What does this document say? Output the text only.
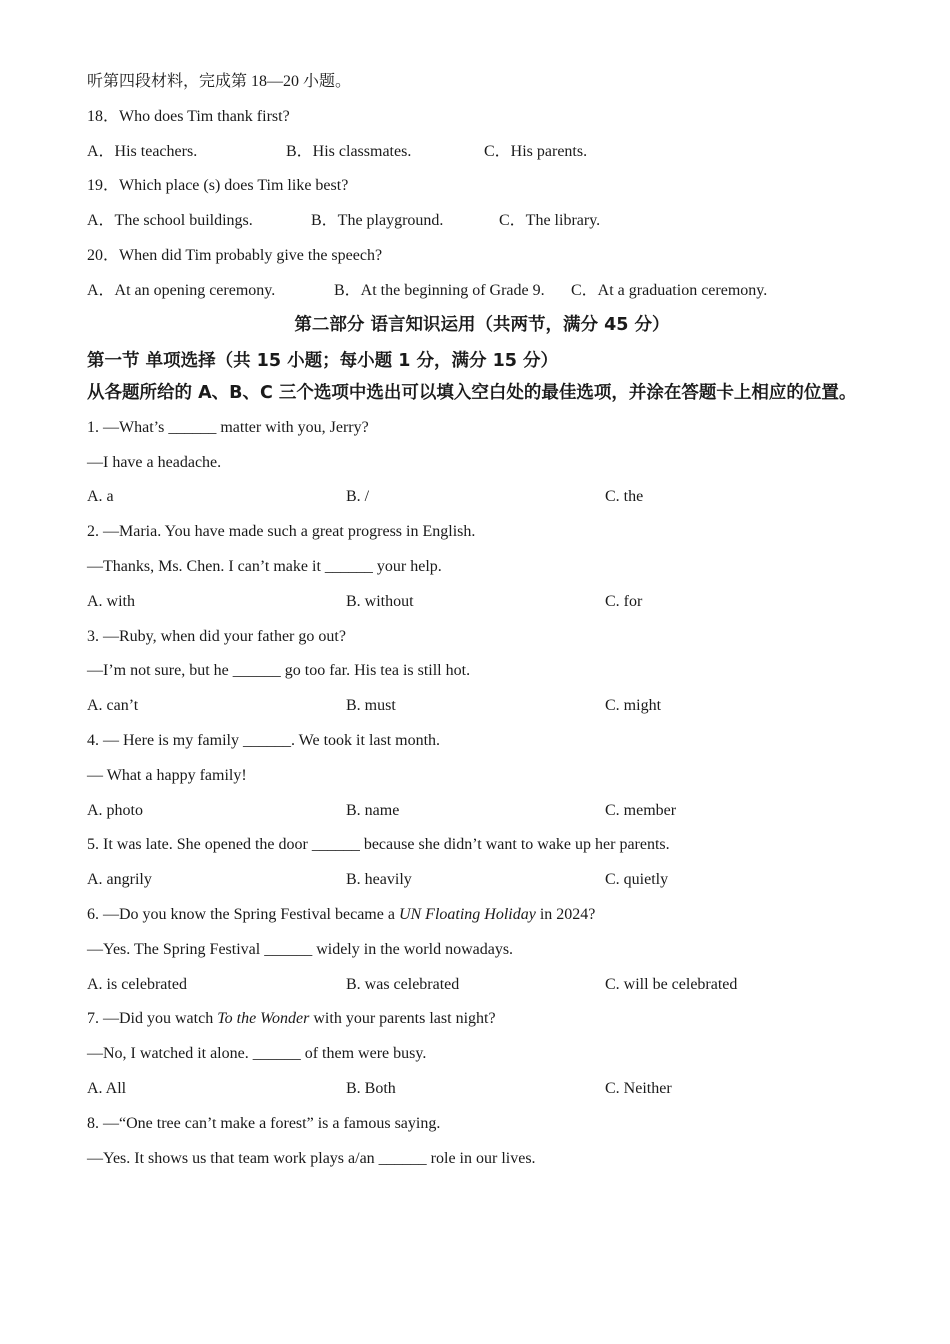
听第四段材料，完成第 18—20 小题。

18．Who does Tim thank first?

A．His teachers.	B．His classmates.	C．His parents.

19．Which place (s) does Tim like best?

A．The school buildings.	B．The playground.	C．The library.

20．When did Tim probably give the speech?

A．At an opening ceremony.	B．At the beginning of Grade 9. C．At a graduation ceremony.

第二部分 语言知识运用（共两节，满分 45 分）

第一节 单项选择（共 15 小题；每小题 1 分，满分 15 分）

从各题所给的 A、B、C 三个选项中选出可以填入空白处的最佳选项，并涂在答题卡上相应的位置。

1. —What’s ______ matter with you, Jerry?

—I have a headache.

A. a	B. /	C. the

2. —Maria. You have made such a great progress in English.

—Thanks, Ms. Chen. I can’t make it ______ your help.

A. with	B. without	C. for

3. —Ruby, when did your father go out?

—I’m not sure, but he ______ go too far. His tea is still hot.

A. can’t	B. must	C. might

4. — Here is my family ______. We took it last month.

— What a happy family!

A. photo	B. name	C. member

5. It was late. She opened the door ______ because she didn’t want to wake up her parents.

A. angrily	B. heavily	C. quietly

6. —Do you know the Spring Festival became a UN Floating Holiday in 2024?

—Yes. The Spring Festival ______ widely in the world nowadays.

A. is celebrated	B. was celebrated	C. will be celebrated

7. —Did you watch To the Wonder with your parents last night?

—No, I watched it alone. ______ of them were busy.

A. All	B. Both	C. Neither

8. —“One tree can’t make a forest” is a famous saying.

—Yes. It shows us that team work plays a/an ______ role in our lives.
